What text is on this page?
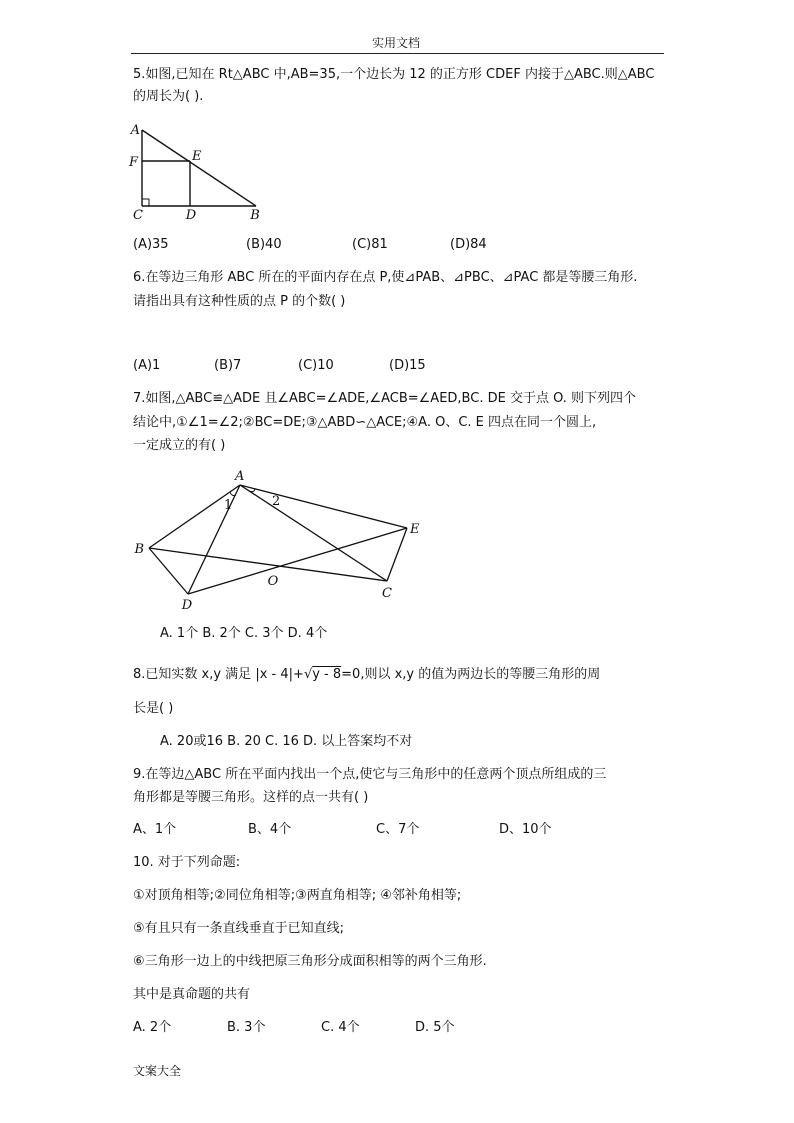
实用文档
5.如图,已知在 Rt△ABC 中,AB=35,一个边长为 12 的正方形 CDEF 内接于△ABC.则△ABC
的周长为( ).
A
F	E
C	D	B
(A)35	(B)40	(C)81	(D)84
6.在等边三角形 ABC 所在的平面内存在点 P,使⊿PAB、⊿PBC、⊿PAC 都是等腰三角形.
请指出具有这种性质的点 P 的个数( )
(A)1	(B)7	(C)10	(D)15
7.如图,△ABC≌△ADE 且∠ABC=∠ADE,∠ACB=∠AED,BC. DE 交于点 O. 则下列四个
结论中,①∠1=∠2;②BC=DE;③△ABD∽△ACE;④A. O、C. E 四点在同一个圆上,
一定成立的有( )
A
B
D
C
E
O
1	2
A. 1个 B. 2个 C. 3个 D. 4个
8.已知实数 x,y 满足 |x - 4|+√y - 8=0,则以 x,y 的值为两边长的等腰三角形的周
长是( )
A. 20或16 B. 20 C. 16 D. 以上答案均不对
9.在等边△ABC 所在平面内找出一个点,使它与三角形中的任意两个顶点所组成的三
角形都是等腰三角形。这样的点一共有( )
A、1个	B、4个	C、7个	D、10个
10. 对于下列命题:
①对顶角相等;②同位角相等;③两直角相等; ④邻补角相等;
⑤有且只有一条直线垂直于已知直线;
⑥三角形一边上的中线把原三角形分成面积相等的两个三角形.
其中是真命题的共有
A. 2个	B. 3个	C. 4个	D. 5个
文案大全
